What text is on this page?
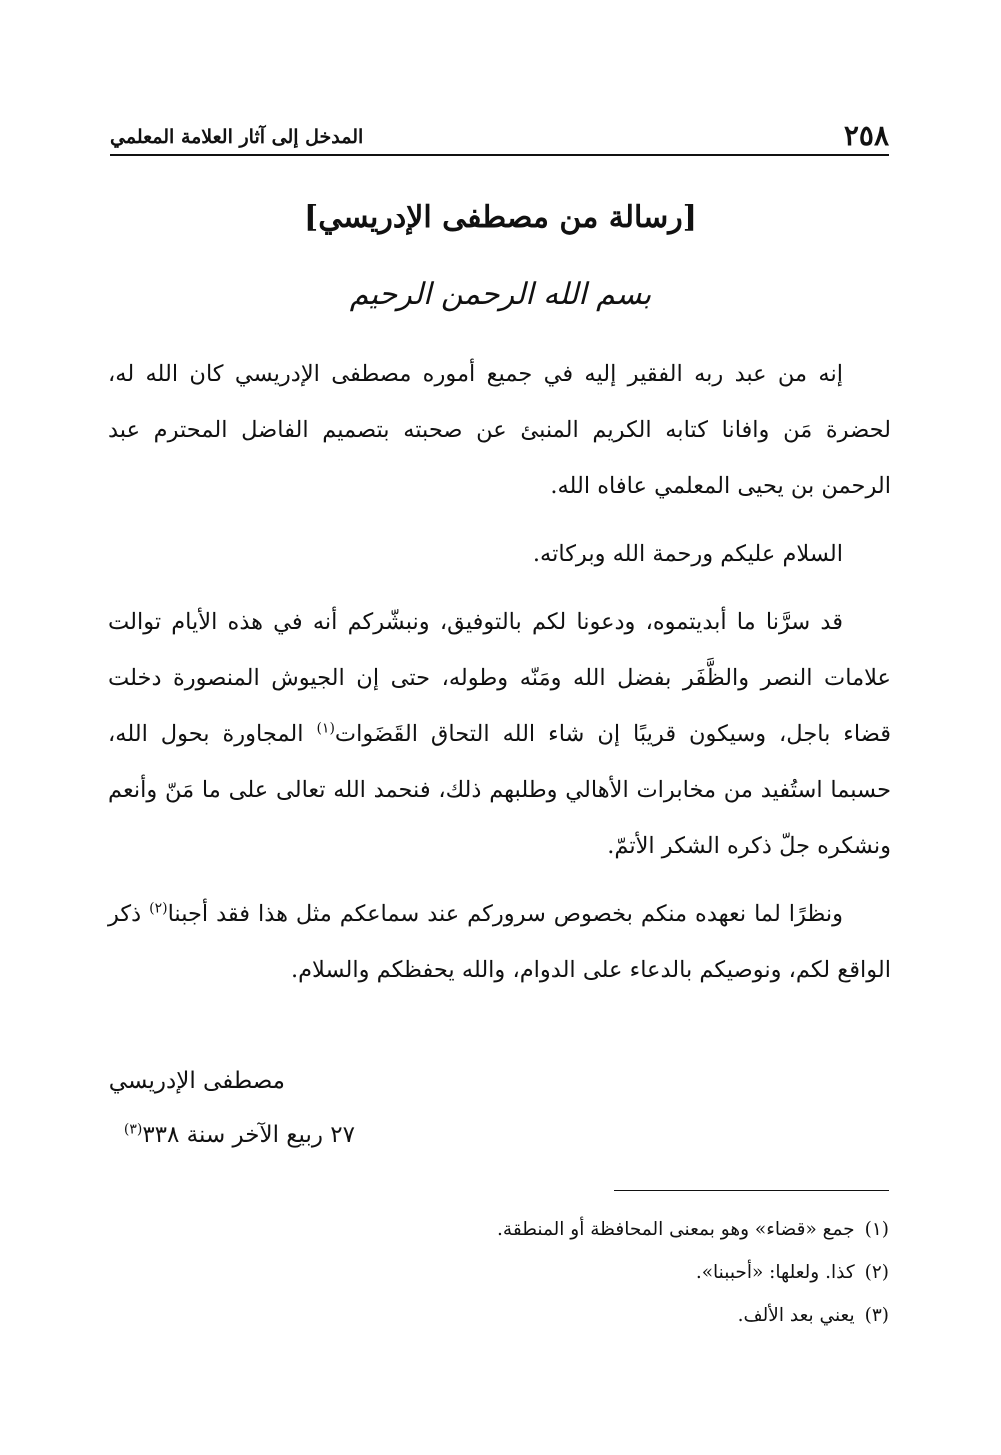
٢٥٨
المدخل إلى آثار العلامة المعلمي
[رسالة من مصطفى الإدريسي]
بسم الله الرحمن الرحيم

إنه من عبد ربه الفقير إليه في جميع أموره مصطفى الإدريسي كان الله له، لحضرة مَن وافانا كتابه الكريم المنبئ عن صحبته بتصميم الفاضل المحترم عبد الرحمن بن يحيى المعلمي عافاه الله.

السلام عليكم ورحمة الله وبركاته.

قد سرَّنا ما أبديتموه، ودعونا لكم بالتوفيق، ونبشّركم أنه في هذه الأيام توالت علامات النصر والظَّفَر بفضل الله ومَنّه وطوله، حتى إن الجيوش المنصورة دخلت قضاء باجل، وسيكون قريبًا إن شاء الله التحاق القَضَوات$^{(١)}$ المجاورة بحول الله، حسبما استُفيد من مخابرات الأهالي وطلبهم ذلك، فنحمد الله تعالى على ما مَنّ وأنعم ونشكره جلّ ذكره الشكر الأتمّ.

ونظرًا لما نعهده منكم بخصوص سروركم عند سماعكم مثل هذا فقد أجبنا$^{(٢)}$ ذكر الواقع لكم، ونوصيكم بالدعاء على الدوام، والله يحفظكم والسلام.

مصطفى الإدريسي
٢٧ ربيع الآخر سنة ٣٣٨$^{(٣)}$
(١)جمع «قضاء» وهو بمعنى المحافظة أو المنطقة.
(٢)كذا. ولعلها: «أحببنا».
(٣)يعني بعد الألف.
